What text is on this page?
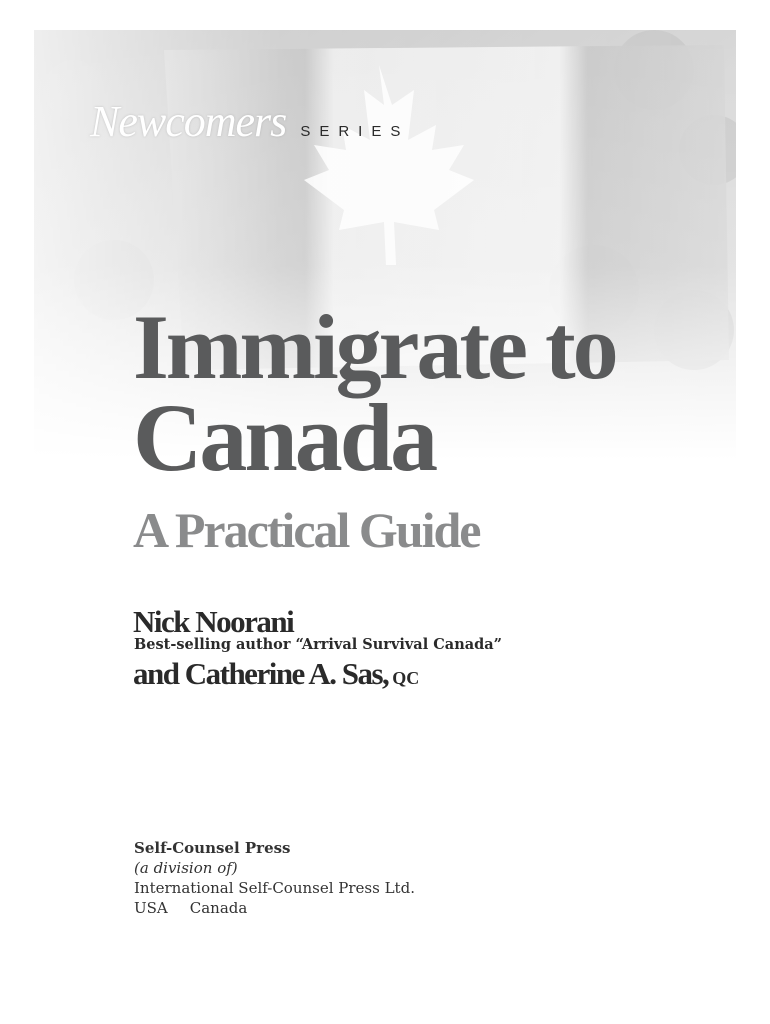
Newcomers SERIES
Immigrate to
Canada
A Practical Guide
Nick Noorani
Best-selling author “Arrival Survival Canada”
and Catherine A. Sas, QC
Self-Counsel Press
(a division of)
International Self-Counsel Press Ltd.
USA Canada
